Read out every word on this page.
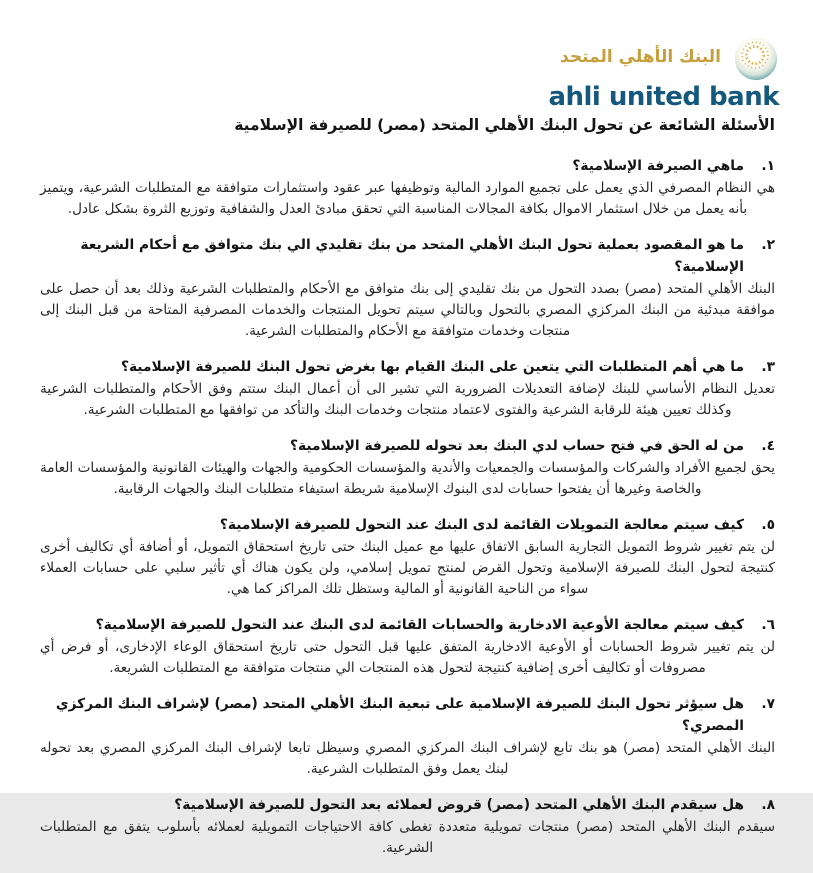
البنك الأهلي المتحد
ahli united bank
الأسئلة الشائعة عن تحول البنك الأهلي المتحد (مصر) للصيرفة الإسلامية
١.
ماهي الصيرفة الإسلامية؟

هي النظام المصرفي الذي يعمل على تجميع الموارد المالية وتوظيفها عبر عقود واستثمارات متوافقة مع المتطلبات الشرعية، ويتميز بأنه يعمل من خلال استثمار الاموال بكافة المجالات المناسبة التي تحقق مبادئ العدل والشفافية وتوزيع الثروة بشكل عادل.

٢.
ما هو المقصود بعملية تحول البنك الأهلي المتحد من بنك تقليدي الي بنك متوافق مع أحكام الشريعة الإسلامية؟

البنك الأهلي المتحد (مصر) بصدد التحول من بنك تقليدي إلى بنك متوافق مع الأحكام والمتطلبات الشرعية وذلك بعد أن حصل على موافقة مبدئية من البنك المركزي المصري بالتحول وبالتالي سيتم تحويل المنتجات والخدمات المصرفية المتاحة من قبل البنك إلى منتجات وخدمات متوافقة مع الأحكام والمتطلبات الشرعية.

٣.
ما هي أهم المتطلبات التي يتعين على البنك القيام بها بغرض تحول البنك للصيرفة الإسلامية؟

تعديل النظام الأساسي للبنك لإضافة التعديلات الضرورية التي تشير الى أن أعمال البنك ستتم وفق الأحكام والمتطلبات الشرعية وكذلك تعيين هيئة للرقابة الشرعية والفتوى لاعتماد منتجات وخدمات البنك والتأكد من توافقها مع المتطلبات الشرعية.

٤.
من له الحق في فتح حساب لدي البنك بعد تحوله للصيرفة الإسلامية؟

يحق لجميع الأفراد والشركات والمؤسسات والجمعيات والأندية والمؤسسات الحكومية والجهات والهيئات القانونية والمؤسسات العامة والخاصة وغيرها أن يفتحوا حسابات لدى البنوك الإسلامية شريطة استيفاء متطلبات البنك والجهات الرقابية.

٥.
كيف سيتم معالجة التمويلات القائمة لدى البنك عند التحول للصيرفة الإسلامية؟

لن يتم تغيير شروط التمويل التجارية السابق الاتفاق عليها مع عميل البنك حتى تاريخ استحقاق التمويل، أو أضافة أي تكاليف أخرى كنتيجة لتحول البنك للصيرفة الإسلامية وتحول القرض لمنتج تمويل إسلامي، ولن يكون هناك أي تأثير سلبي على حسابات العملاء سواء من الناحية القانونية أو المالية وستظل تلك المراكز كما هي.

٦.
كيف سيتم معالجة الأوعية الادخارية والحسابات القائمة لدى البنك عند التحول للصيرفة الإسلامية؟

لن يتم تغيير شروط الحسابات أو الأوعية الادخارية المتفق عليها قبل التحول حتى تاريخ استحقاق الوعاء الإدخارى، أو فرض أي مصروفات أو تكاليف أخرى إضافية كنتيجة لتحول هذه المنتجات الي منتجات متوافقة مع المتطلبات الشريعة.

٧.
هل سيؤثر تحول البنك للصيرفة الإسلامية على تبعية البنك الأهلي المتحد (مصر) لإشراف البنك المركزي المصري؟

البنك الأهلي المتحد (مصر) هو بنك تابع لإشراف البنك المركزي المصري وسيظل تابعا لإشراف البنك المركزي المصري بعد تحوله لبنك يعمل وفق المتطلبات الشرعية.

٨.
هل سيقدم البنك الأهلي المتحد (مصر) قروض لعملائه بعد التحول للصيرفة الإسلامية؟

سيقدم البنك الأهلي المتحد (مصر) منتجات تمويلية متعددة تغطى كافة الاحتياجات التمويلية لعملائه بأسلوب يتفق مع المتطلبات الشرعية.
